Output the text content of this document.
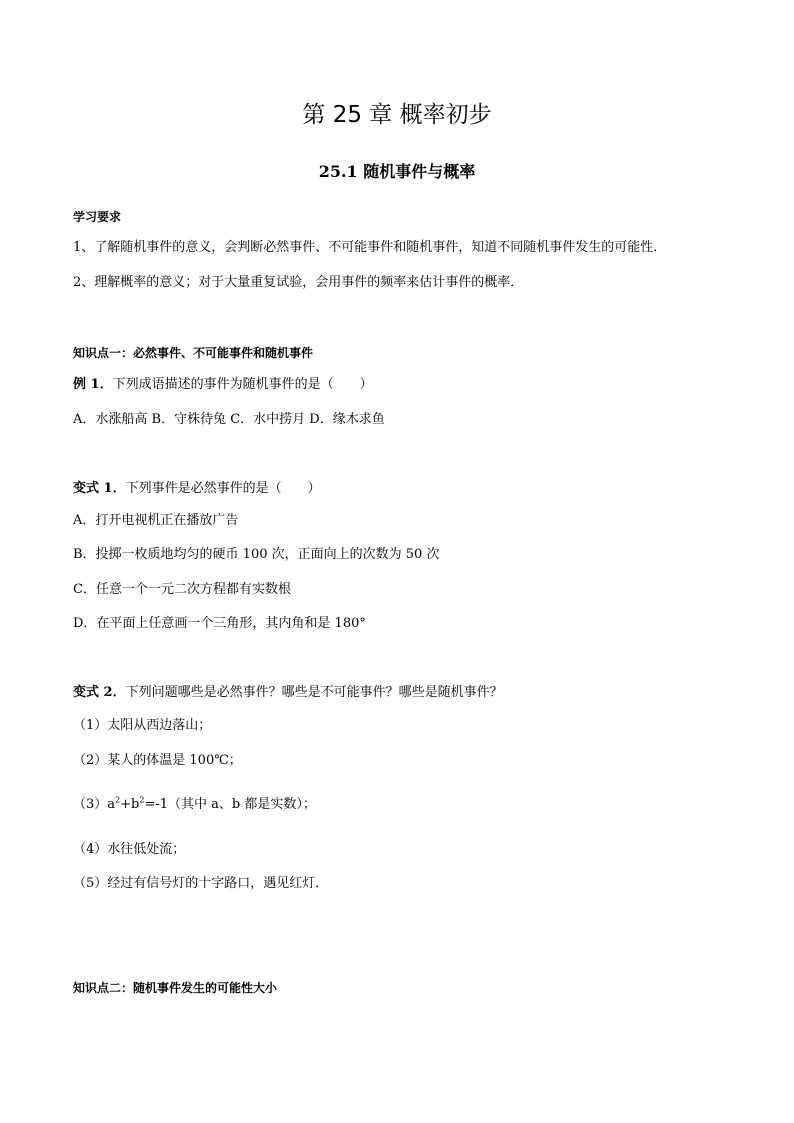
第 25 章 概率初步
25.1 随机事件与概率
学习要求
1、了解随机事件的意义，会判断必然事件、不可能事件和随机事件，知道不同随机事件发生的可能性．
2、理解概率的意义；对于大量重复试验，会用事件的频率来估计事件的概率．
知识点一：必然事件、不可能事件和随机事件
例 1．下列成语描述的事件为随机事件的是（　　）
A．水涨船高 B．守株待兔 C．水中捞月 D．缘木求鱼
变式 1．下列事件是必然事件的是（　　）
A．打开电视机正在播放广告
B．投掷一枚质地均匀的硬币 100 次，正面向上的次数为 50 次
C．任意一个一元二次方程都有实数根
D．在平面上任意画一个三角形，其内角和是 180°
变式 2．下列问题哪些是必然事件？哪些是不可能事件？哪些是随机事件？
（1）太阳从西边落山；
（2）某人的体温是 100℃；
$(3)a^2+b^2=-1$（其中 a、b 都是实数）；
（4）水往低处流；
（5）经过有信号灯的十字路口，遇见红灯．
知识点二：随机事件发生的可能性大小
